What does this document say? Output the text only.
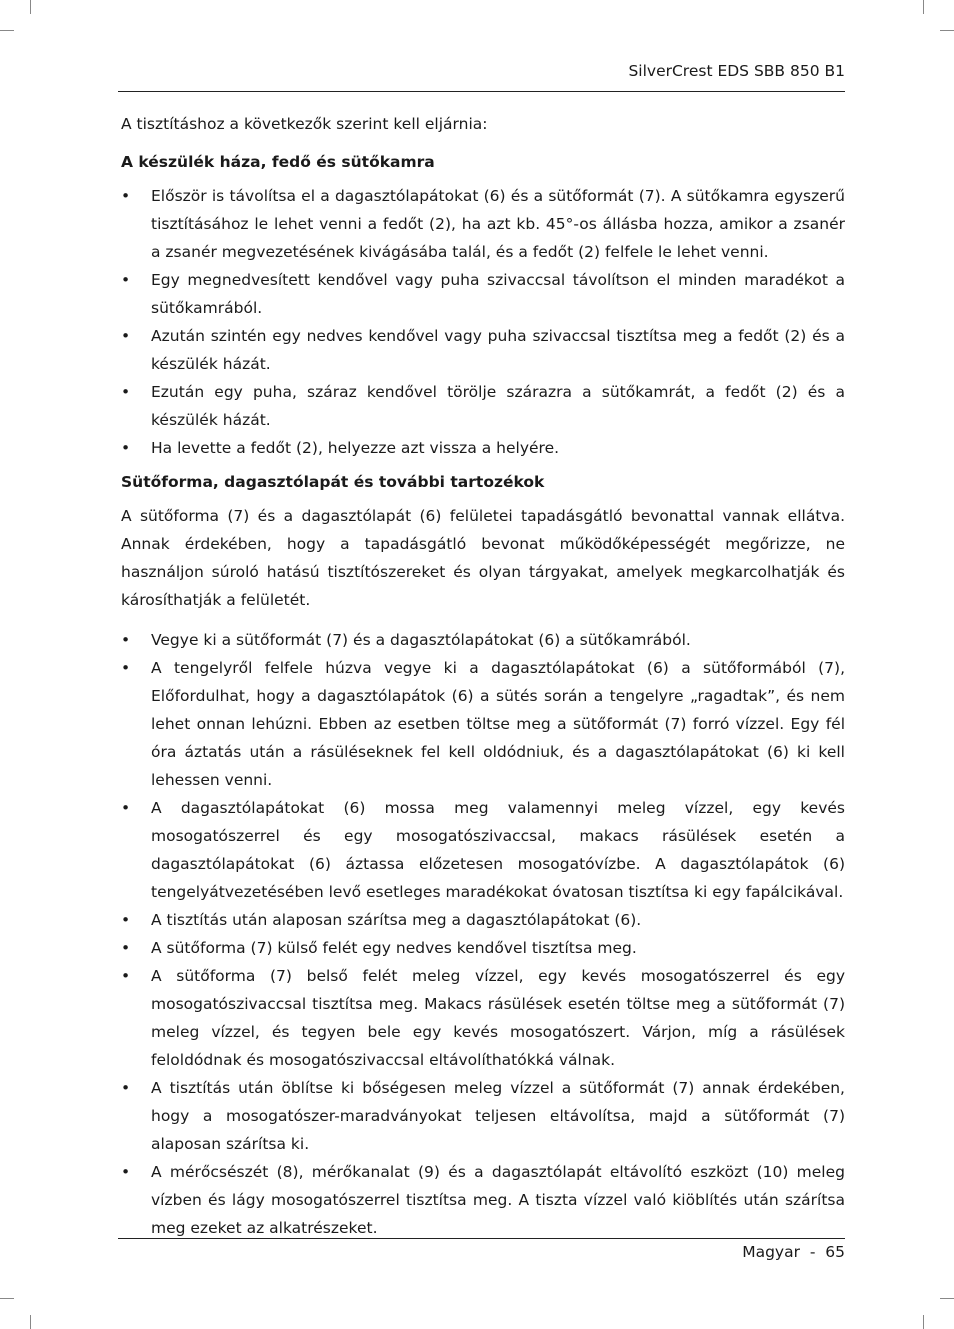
SilverCrest EDS SBB 850 B1

A tisztításhoz a következők szerint kell eljárnia:

A készülék háza, fedő és sütőkamra

• Először is távolítsa el a dagasztólapátokat (6) és a sütőformát (7). A sütőkamra egyszerű tisztításához le lehet venni a fedőt (2), ha azt kb. 45°-os állásba hozza, amikor a zsanér a zsanér megvezetésének kivágásába talál, és a fedőt (2) felfele le lehet venni.
• Egy megnedvesített kendővel vagy puha szivaccsal távolítson el minden maradékot a sütőkamrából.
• Azután szintén egy nedves kendővel vagy puha szivaccsal tisztítsa meg a fedőt (2) és a készülék házát.
• Ezután egy puha, száraz kendővel törölje szárazra a sütőkamrát, a fedőt (2) és a készülék házát.
• Ha levette a fedőt (2), helyezze azt vissza a helyére.

Sütőforma, dagasztólapát és további tartozékok

A sütőforma (7) és a dagasztólapát (6) felületei tapadásgátló bevonattal vannak ellátva. Annak érdekében, hogy a tapadásgátló bevonat működőképességét megőrizze, ne használjon súroló hatású tisztítószereket és olyan tárgyakat, amelyek megkarcolhatják és károsíthatják a felületét.

• Vegye ki a sütőformát (7) és a dagasztólapátokat (6) a sütőkamrából.
• A tengelyről felfele húzva vegye ki a dagasztólapátokat (6) a sütőformából (7), Előfordulhat, hogy a dagasztólapátok (6) a sütés során a tengelyre „ragadtak”, és nem lehet onnan lehúzni. Ebben az esetben töltse meg a sütőformát (7) forró vízzel. Egy fél óra áztatás után a rásüléseknek fel kell oldódniuk, és a dagasztólapátokat (6) ki kell lehessen venni.
• A dagasztólapátokat (6) mossa meg valamennyi meleg vízzel, egy kevés mosogatószerrel és egy mosogatószivaccsal, makacs rásülések esetén a dagasztólapátokat (6) áztassa előzetesen mosogatóvízbe. A dagasztólapátok (6) tengelyátvezetésében levő esetleges maradékokat óvatosan tisztítsa ki egy fapálcikával.
• A tisztítás után alaposan szárítsa meg a dagasztólapátokat (6).
• A sütőforma (7) külső felét egy nedves kendővel tisztítsa meg.
• A sütőforma (7) belső felét meleg vízzel, egy kevés mosogatószerrel és egy mosogatószivaccsal tisztítsa meg. Makacs rásülések esetén töltse meg a sütőformát (7) meleg vízzel, és tegyen bele egy kevés mosogatószert. Várjon, míg a rásülések feloldódnak és mosogatószivaccsal eltávolíthatókká válnak.
• A tisztítás után öblítse ki bőségesen meleg vízzel a sütőformát (7) annak érdekében, hogy a mosogatószer-maradványokat teljesen eltávolítsa, majd a sütőformát (7) alaposan szárítsa ki.
• A mérőcsészét (8), mérőkanalat (9) és a dagasztólapát eltávolító eszközt (10) meleg vízben és lágy mosogatószerrel tisztítsa meg. A tiszta vízzel való kiöblítés után szárítsa meg ezeket az alkatrészeket.
Magyar  -  65
